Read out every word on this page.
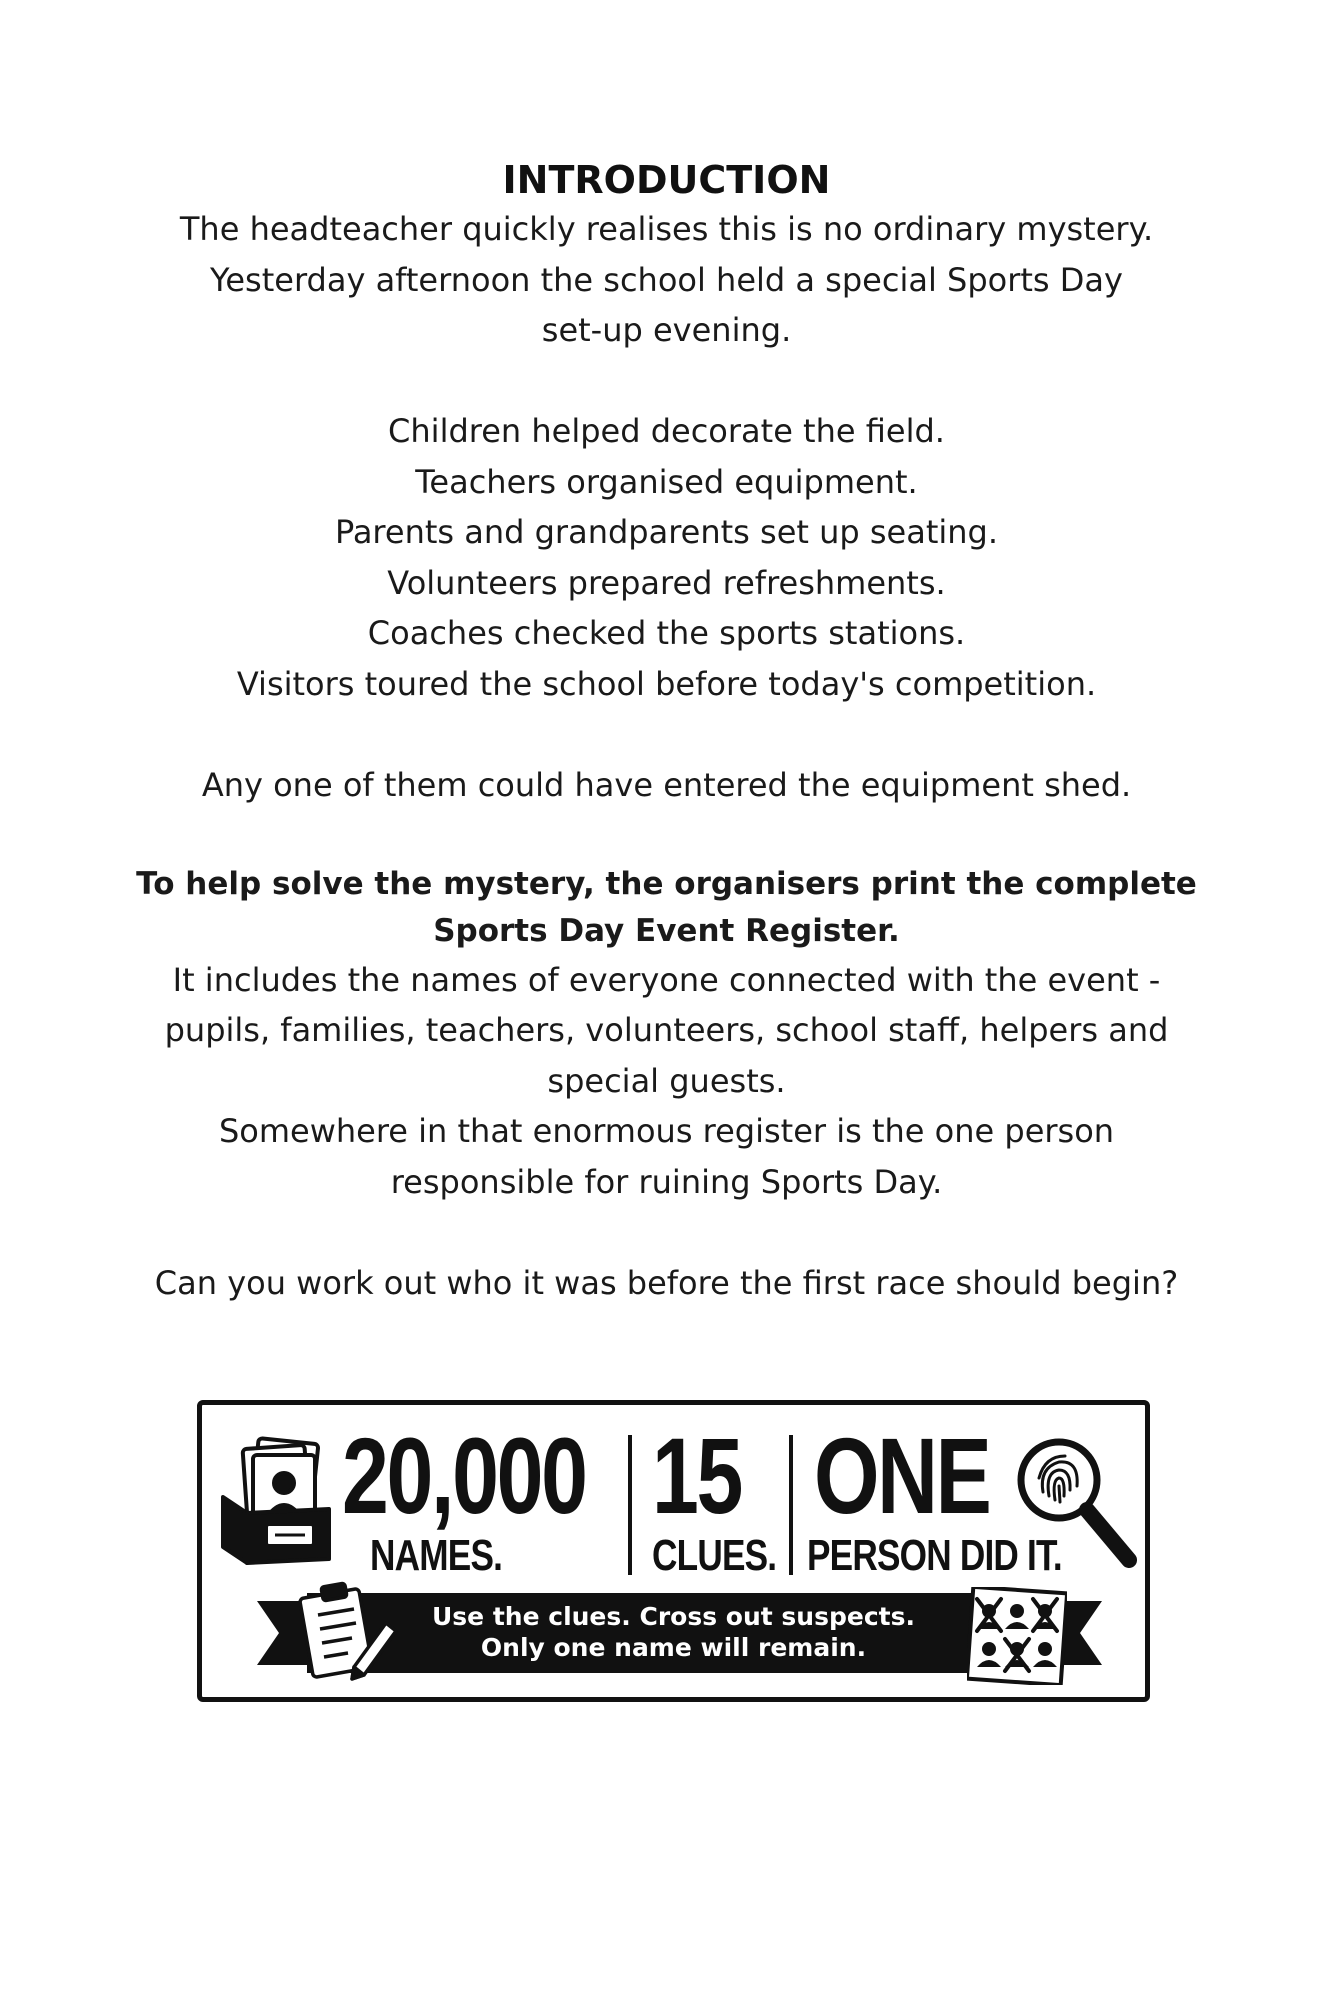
INTRODUCTION

The headteacher quickly realises this is no ordinary mystery.

Yesterday afternoon the school held a special Sports Day

set-up evening.

Children helped decorate the field.

Teachers organised equipment.

Parents and grandparents set up seating.

Volunteers prepared refreshments.

Coaches checked the sports stations.

Visitors toured the school before today's competition.

Any one of them could have entered the equipment shed.

To help solve the mystery, the organisers print the complete

Sports Day Event Register.

It includes the names of everyone connected with the event -

pupils, families, teachers, volunteers, school staff, helpers and

special guests.

Somewhere in that enormous register is the one person

responsible for ruining Sports Day.

Can you work out who it was before the first race should begin?

20,000
NAMES.
15
CLUES.
ONE
PERSON DID IT.
Use the clues. Cross out suspects.
Only one name will remain.
